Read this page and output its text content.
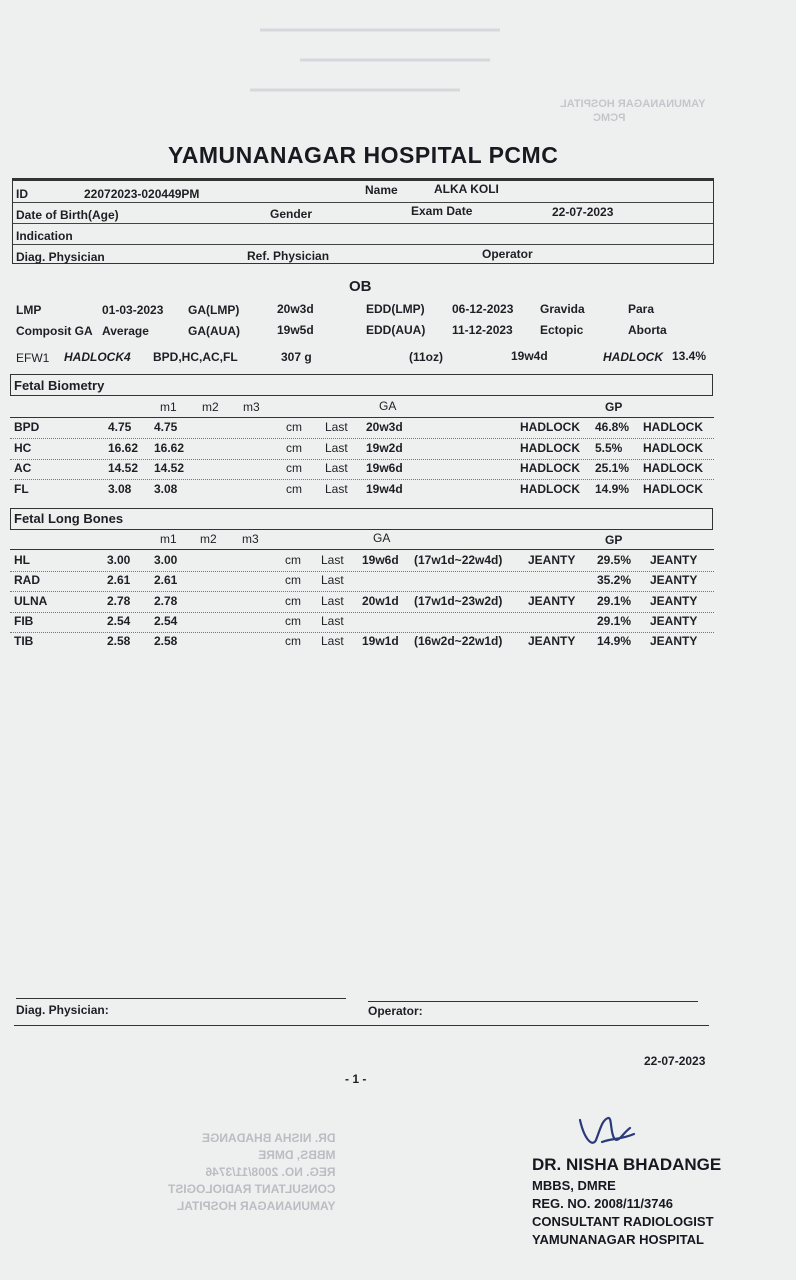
YAMUNANAGAR HOSPITAL
PCMC
YAMUNANAGAR HOSPITAL PCMC
ID	22072023-020449PM	Name	ALKA KOLI
Date of Birth(Age)	Gender	Exam Date	22-07-2023
Indication
Diag. Physician	Ref. Physician	Operator
OB
LMP	01-03-2023 GA(LMP)	20w3d	EDD(LMP) 06-12-2023 Gravida	Para
Composit GA Average	GA(AUA)	19w5d	EDD(AUA) 11-12-2023 Ectopic	Aborta
EFW1 HADLOCK4 BPD,HC,AC,FL	307 g	(11oz)	19w4d	HADLOCK 13.4%
Fetal Biometry
m1 m2 m3	GA	GP
BPD	4.75 4.75	cm Last 20w3d	HADLOCK 46.8% HADLOCK
HC	16.62 16.62	cm Last 19w2d	HADLOCK 5.5% HADLOCK
AC	14.52 14.52	cm Last 19w6d	HADLOCK 25.1% HADLOCK
FL	3.08 3.08	cm Last 19w4d	HADLOCK 14.9% HADLOCK
Fetal Long Bones
m1 m2 m3	GA	GP
HL	3.00 3.00	cm Last 19w6d (17w1d~22w4d) JEANTY 29.5% JEANTY
RAD	2.61 2.61	cm Last	35.2% JEANTY
ULNA	2.78 2.78	cm Last 20w1d (17w1d~23w2d) JEANTY 29.1% JEANTY
FIB	2.54 2.54	cm Last	29.1% JEANTY
TIB	2.58 2.58	cm Last 19w1d (16w2d~22w1d) JEANTY 14.9% JEANTY
Diag. Physician:	Operator:
22-07-2023
- 1 -
DR. NISHA BHADANGE
MBBS, DMRE
REG. NO. 2008/11/3746
CONSULTANT RADIOLOGIST
YAMUNANAGAR HOSPITAL
DR. NISHA BHADANGE
MBBS, DMRE
REG. NO. 2008/11/3746
CONSULTANT RADIOLOGIST
YAMUNANAGAR HOSPITAL
